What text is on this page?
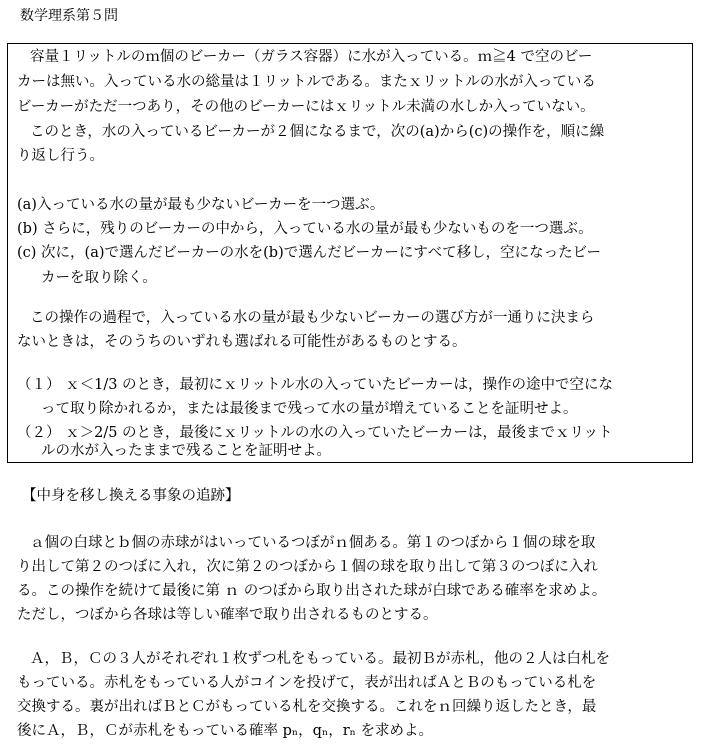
数学理系第５問
容量１リットルのｍ個のビーカー（ガラス容器）に水が入っている。ｍ≧4 で空のビー
カーは無い。入っている水の総量は１リットルである。またｘリットルの水が入っている
ビーカーがただ一つあり，その他のビーカーにはｘリットル未満の水しか入っていない。
このとき，水の入っているビーカーが２個になるまで，次の(a)から(c)の操作を，順に繰
り返し行う。
(a)入っている水の量が最も少ないビーカーを一つ選ぶ。
(b) さらに，残りのビーカーの中から，入っている水の量が最も少ないものを一つ選ぶ。
(c) 次に，(a)で選んだビーカーの水を(b)で選んだビーカーにすべて移し，空になったビー
カーを取り除く。
この操作の過程で，入っている水の量が最も少ないビーカーの選び方が一通りに決まら
ないときは，そのうちのいずれも選ばれる可能性があるものとする。
（１） ｘ＜1/3 のとき，最初にｘリットル水の入っていたビーカーは，操作の途中で空にな
って取り除かれるか，または最後まで残って水の量が増えていることを証明せよ。
（２） ｘ＞2/5 のとき，最後にｘリットルの水の入っていたビーカーは，最後までｘリット
ルの水が入ったままで残ることを証明せよ。
【中身を移し換える事象の追跡】
ａ個の白球とｂ個の赤球がはいっているつぼがｎ個ある。第１のつぼから１個の球を取
り出して第２のつぼに入れ，次に第２のつぼから１個の球を取り出して第３のつぼに入れ
る。この操作を続けて最後に第 ｎ のつぼから取り出された球が白球である確率を求めよ。
ただし，つぼから各球は等しい確率で取り出されるものとする。
Ａ，Ｂ，Ｃの３人がそれぞれ１枚ずつ札をもっている。最初Ｂが赤札，他の２人は白札を
もっている。赤札をもっている人がコインを投げて，表が出ればＡとＢのもっている札を
交換する。裏が出ればＢとＣがもっている札を交換する。これをｎ回繰り返したとき，最
後にＡ，Ｂ，Ｃが赤札をもっている確率 pₙ，qₙ，rₙ を求めよ。
